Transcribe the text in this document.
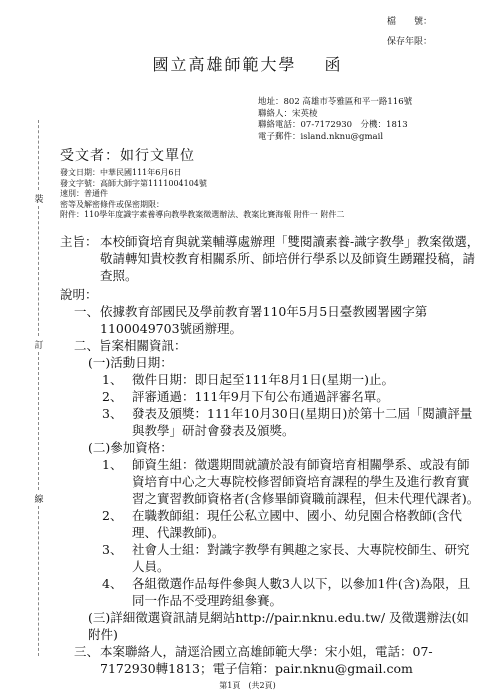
檔　　號：
保存年限：
國立高雄師範大學 函
地址：802 高雄市苓雅區和平一路116號
聯絡人：宋英棱
聯絡電話：07-7172930　分機：1813
電子郵件：island.nknu@gmail
受文者：如行文單位
發文日期：中華民國111年6月6日
發文字號：高師大師字第1111004104號
速別：普通件
密等及解密條件或保密期限：
附件：110學年度識字素養導向教學教案徵選辦法、教案比賽海報 附件一 附件二
裝
訂
線
主旨： 本校師資培育與就業輔導處辦理「雙閱讀素養-識字教學」教案徵選，敬請轉知貴校教育相關系所、師培併行學系以及師資生踴躍投稿，請查照。
說明：
一、 依據教育部國民及學前教育署110年5月5日臺教國署國字第1100049703號函辦理。
二、旨案相關資訊：
(一)活動日期：
1、 徵件日期：即日起至111年8月1日(星期一)止。
2、 評審通過：111年9月下旬公布通過評審名單。
3、 發表及頒獎：111年10月30日(星期日)於第十二屆「閱讀評量與教學」研討會發表及頒獎。
(二)參加資格：
1、 師資生組：徵選期間就讀於設有師資培育相關學系、或設有師資培育中心之大專院校修習師資培育課程的學生及進行教育實習之實習教師資格者(含修畢師資職前課程，但未代理代課者)。
2、 在職教師組：現任公私立國中、國小、幼兒園合格教師(含代理、代課教師)。
3、 社會人士組：對識字教學有興趣之家長、大專院校師生、研究人員。
4、 各組徵選作品每件參與人數3人以下，以參加1件(含)為限，且同一作品不受理跨組參賽。
(三)詳細徵選資訊請見網站http://pair.nknu.edu.tw/ 及徵選辦法(如附件)
三、 本案聯絡人，請逕洽國立高雄師範大學：宋小姐，電話：07-7172930轉1813；電子信箱：pair.nknu@gmail.com
第1頁　(共2頁)
